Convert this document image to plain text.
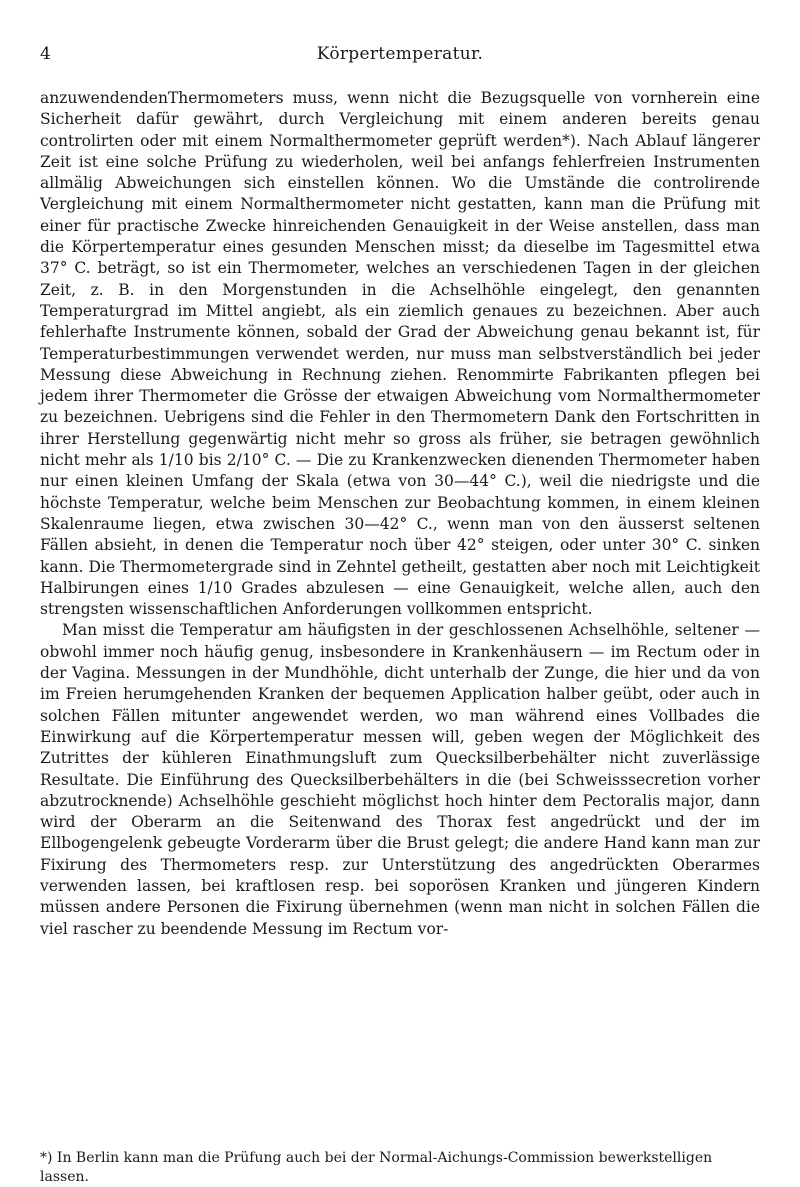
4	Körpertemperatur.

anzuwendendenThermometers muss, wenn nicht die Bezugsquelle von vornherein eine Sicherheit dafür gewährt, durch Vergleichung mit einem anderen bereits genau controlirten oder mit einem Normalthermometer geprüft werden*). Nach Ablauf längerer Zeit ist eine solche Prüfung zu wiederholen, weil bei anfangs fehlerfreien Instrumenten allmälig Abweichungen sich einstellen können. Wo die Umstände die controlirende Vergleichung mit einem Normalthermometer nicht gestatten, kann man die Prüfung mit einer für practische Zwecke hinreichenden Genauigkeit in der Weise anstellen, dass man die Körpertemperatur eines gesunden Menschen misst; da dieselbe im Tagesmittel etwa 37° C. beträgt, so ist ein Thermometer, welches an verschiedenen Tagen in der gleichen Zeit, z. B. in den Morgenstunden in die Achselhöhle eingelegt, den genannten Temperaturgrad im Mittel angiebt, als ein ziemlich genaues zu bezeichnen. Aber auch fehlerhafte Instrumente können, sobald der Grad der Abweichung genau bekannt ist, für Temperaturbestimmungen verwendet werden, nur muss man selbstverständlich bei jeder Messung diese Abweichung in Rechnung ziehen. Renommirte Fabrikanten pflegen bei jedem ihrer Thermometer die Grösse der etwaigen Abweichung vom Normalthermometer zu bezeichnen. Uebrigens sind die Fehler in den Thermometern Dank den Fortschritten in ihrer Herstellung gegenwärtig nicht mehr so gross als früher, sie betragen gewöhnlich nicht mehr als 1/10 bis 2/10° C. — Die zu Krankenzwecken dienenden Thermometer haben nur einen kleinen Umfang der Skala (etwa von 30—44° C.), weil die niedrigste und die höchste Temperatur, welche beim Menschen zur Beobachtung kommen, in einem kleinen Skalenraume liegen, etwa zwischen 30—42° C., wenn man von den äusserst seltenen Fällen absieht, in denen die Temperatur noch über 42° steigen, oder unter 30° C. sinken kann. Die Thermometergrade sind in Zehntel getheilt, gestatten aber noch mit Leichtigkeit Halbirungen eines 1/10 Grades abzulesen — eine Genauigkeit, welche allen, auch den strengsten wissenschaftlichen Anforderungen vollkommen entspricht.

Man misst die Temperatur am häufigsten in der geschlossenen Achselhöhle, seltener — obwohl immer noch häufig genug, insbesondere in Krankenhäusern — im Rectum oder in der Vagina. Messungen in der Mundhöhle, dicht unterhalb der Zunge, die hier und da von im Freien herumgehenden Kranken der bequemen Application halber geübt, oder auch in solchen Fällen mitunter angewendet werden, wo man während eines Vollbades die Einwirkung auf die Körpertemperatur messen will, geben wegen der Möglichkeit des Zutrittes der kühleren Einathmungsluft zum Quecksilberbehälter nicht zuverlässige Resultate. Die Einführung des Quecksilberbehälters in die (bei Schweisssecretion vorher abzutrocknende) Achselhöhle geschieht möglichst hoch hinter dem Pectoralis major, dann wird der Oberarm an die Seitenwand des Thorax fest angedrückt und der im Ellbogengelenk gebeugte Vorderarm über die Brust gelegt; die andere Hand kann man zur Fixirung des Thermometers resp. zur Unterstützung des angedrückten Oberarmes verwenden lassen, bei kraftlosen resp. bei soporösen Kranken und jüngeren Kindern müssen andere Personen die Fixirung übernehmen (wenn man nicht in solchen Fällen die viel rascher zu beendende Messung im Rectum vor-

*) In Berlin kann man die Prüfung auch bei der Normal-Aichungs-Commission bewerkstelligen lassen.
